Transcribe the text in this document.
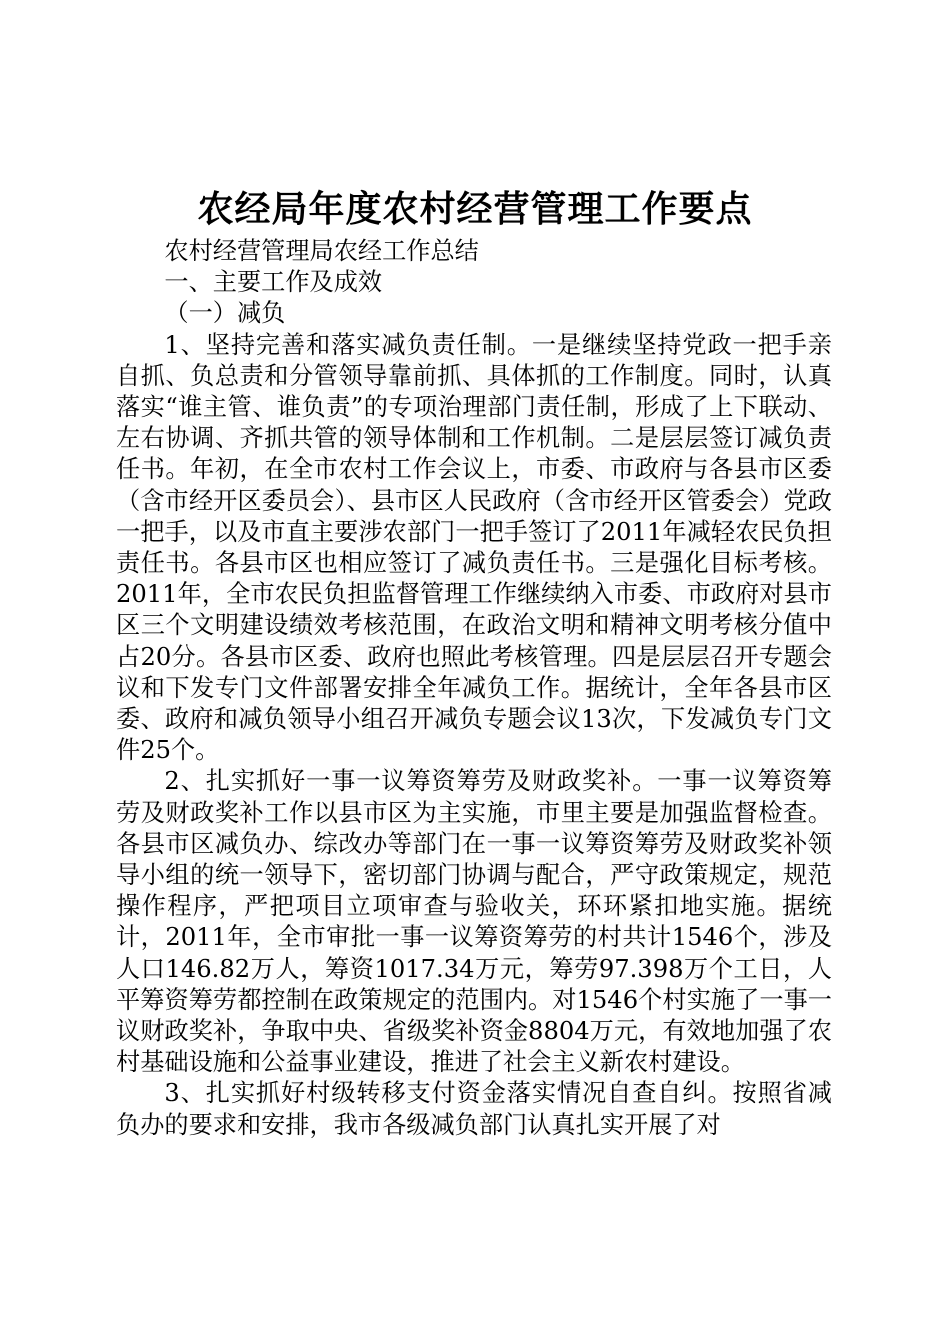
农经局年度农村经营管理工作要点

农村经营管理局农经工作总结

一、主要工作及成效

（一）减负

1、坚持完善和落实减负责任制。一是继续坚持党政一把手亲自抓、负总责和分管领导靠前抓、具体抓的工作制度。同时，认真落实“谁主管、谁负责”的专项治理部门责任制，形成了上下联动、左右协调、齐抓共管的领导体制和工作机制。二是层层签订减负责任书。年初，在全市农村工作会议上，市委、市政府与各县市区委（含市经开区委员会）、县市区人民政府（含市经开区管委会）党政一把手，以及市直主要涉农部门一把手签订了2011年减轻农民负担责任书。各县市区也相应签订了减负责任书。三是强化目标考核。2011年，全市农民负担监督管理工作继续纳入市委、市政府对县市区三个文明建设绩效考核范围，在政治文明和精神文明考核分值中占20分。各县市区委、政府也照此考核管理。四是层层召开专题会议和下发专门文件部署安排全年减负工作。据统计，全年各县市区委、政府和减负领导小组召开减负专题会议13次，下发减负专门文件25个。

2、扎实抓好一事一议筹资筹劳及财政奖补。一事一议筹资筹劳及财政奖补工作以县市区为主实施，市里主要是加强监督检查。各县市区减负办、综改办等部门在一事一议筹资筹劳及财政奖补领导小组的统一领导下，密切部门协调与配合，严守政策规定，规范操作程序，严把项目立项审查与验收关，环环紧扣地实施。据统计，2011年，全市审批一事一议筹资筹劳的村共计1546个，涉及人口146.82万人，筹资1017.34万元，筹劳97.398万个工日，人平筹资筹劳都控制在政策规定的范围内。对1546个村实施了一事一议财政奖补，争取中央、省级奖补资金8804万元，有效地加强了农村基础设施和公益事业建设，推进了社会主义新农村建设。

3、扎实抓好村级转移支付资金落实情况自查自纠。按照省减负办的要求和安排，我市各级减负部门认真扎实开展了对
